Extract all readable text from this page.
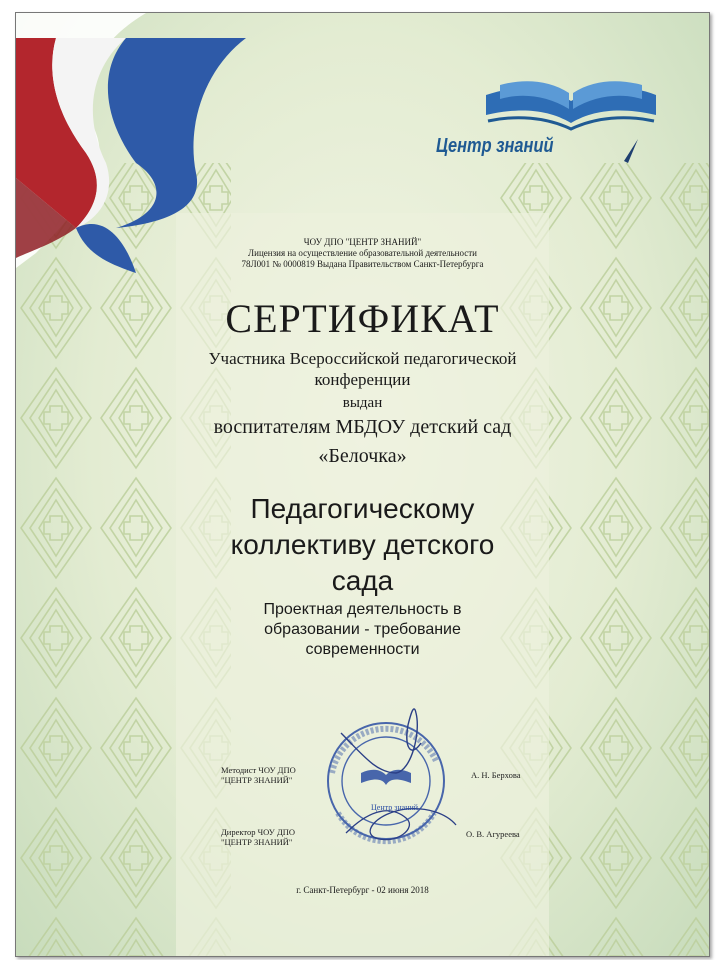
Центр знаний
ЧОУ ДПО "ЦЕНТР ЗНАНИЙ"
Лицензия на осуществление образовательной деятельности
78Л001 № 0000819 Выдана Правительством Санкт-Петербурга
СЕРТИФИКАТ
Участника Всероссийской педагогической
конференции
выдан
воспитателям МБДОУ детский сад
«Белочка»
Педагогическому
коллективу детского
сада
Проектная деятельность в
образовании - требование
современности
Методист ЧОУ ДПО
"ЦЕНТР ЗНАНИЙ"	А. Н. Берхова
Директор ЧОУ ДПО
"ЦЕНТР ЗНАНИЙ"
О. В. Агуреева
Центр знаний
г. Санкт-Петербург - 02 июня 2018
